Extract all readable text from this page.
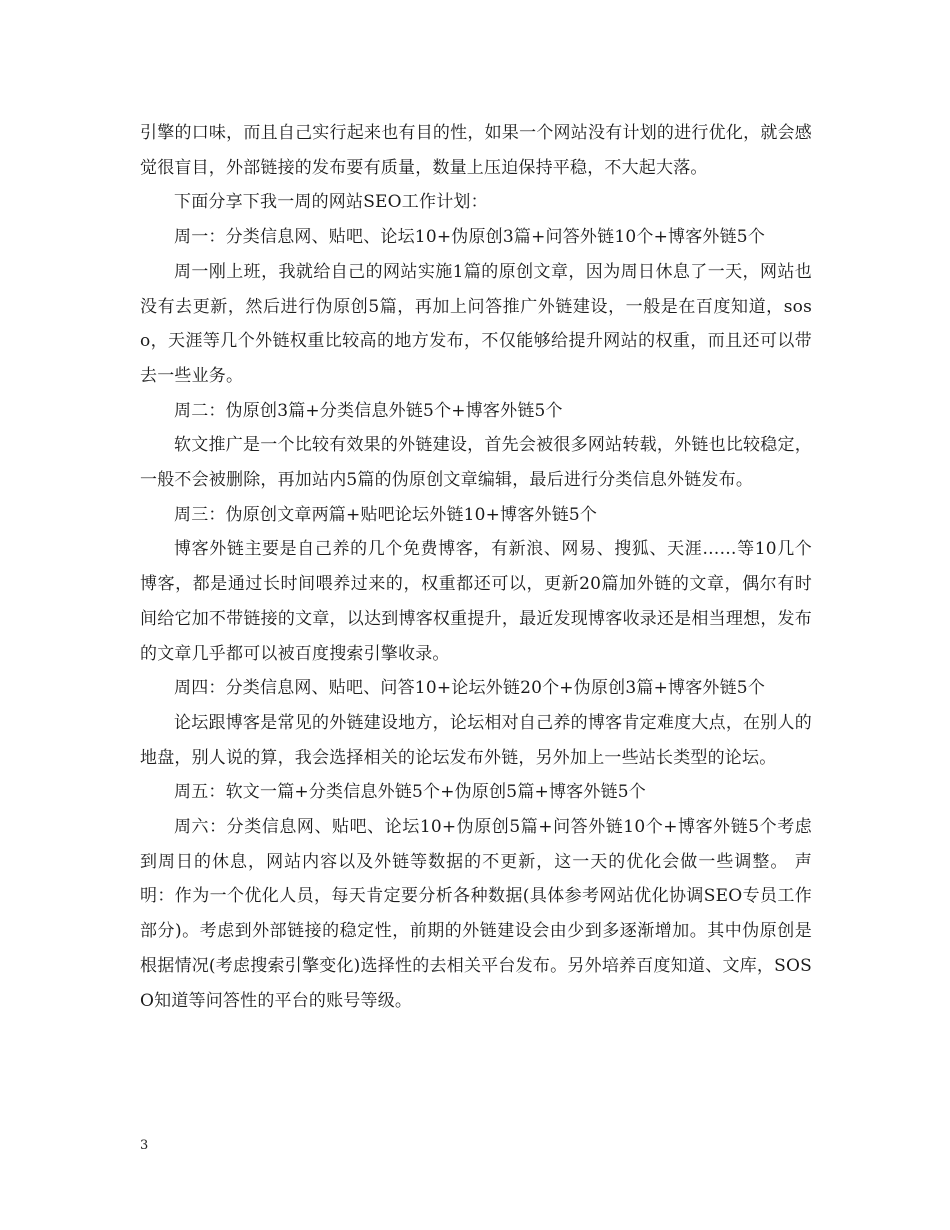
引擎的口味，而且自己实行起来也有目的性，如果一个网站没有计划的进行优化，就会感觉很盲目，外部链接的发布要有质量，数量上压迫保持平稳，不大起大落。

下面分享下我一周的网站SEO工作计划：

周一：分类信息网、贴吧、论坛10+伪原创3篇+问答外链10个+博客外链5个

周一刚上班，我就给自己的网站实施1篇的原创文章，因为周日休息了一天，网站也没有去更新，然后进行伪原创5篇，再加上问答推广外链建设，一般是在百度知道，soso，天涯等几个外链权重比较高的地方发布，不仅能够给提升网站的权重，而且还可以带去一些业务。

周二：伪原创3篇+分类信息外链5个+博客外链5个

软文推广是一个比较有效果的外链建设，首先会被很多网站转载，外链也比较稳定，一般不会被删除，再加站内5篇的伪原创文章编辑，最后进行分类信息外链发布。

周三：伪原创文章两篇+贴吧论坛外链10+博客外链5个

博客外链主要是自己养的几个免费博客，有新浪、网易、搜狐、天涯……等10几个博客，都是通过长时间喂养过来的，权重都还可以，更新20篇加外链的文章，偶尔有时间给它加不带链接的文章，以达到博客权重提升，最近发现博客收录还是相当理想，发布的文章几乎都可以被百度搜索引擎收录。

周四：分类信息网、贴吧、问答10+论坛外链20个+伪原创3篇+博客外链5个

论坛跟博客是常见的外链建设地方，论坛相对自己养的博客肯定难度大点，在别人的地盘，别人说的算，我会选择相关的论坛发布外链，另外加上一些站长类型的论坛。

周五：软文一篇+分类信息外链5个+伪原创5篇+博客外链5个

周六：分类信息网、贴吧、论坛10+伪原创5篇+问答外链10个+博客外链5个考虑到周日的休息，网站内容以及外链等数据的不更新，这一天的优化会做一些调整。 声明：作为一个优化人员，每天肯定要分析各种数据(具体参考网站优化协调SEO专员工作部分)。考虑到外部链接的稳定性，前期的外链建设会由少到多逐渐增加。其中伪原创是根据情况(考虑搜索引擎变化)选择性的去相关平台发布。另外培养百度知道、文库，SOSO知道等问答性的平台的账号等级。

3
